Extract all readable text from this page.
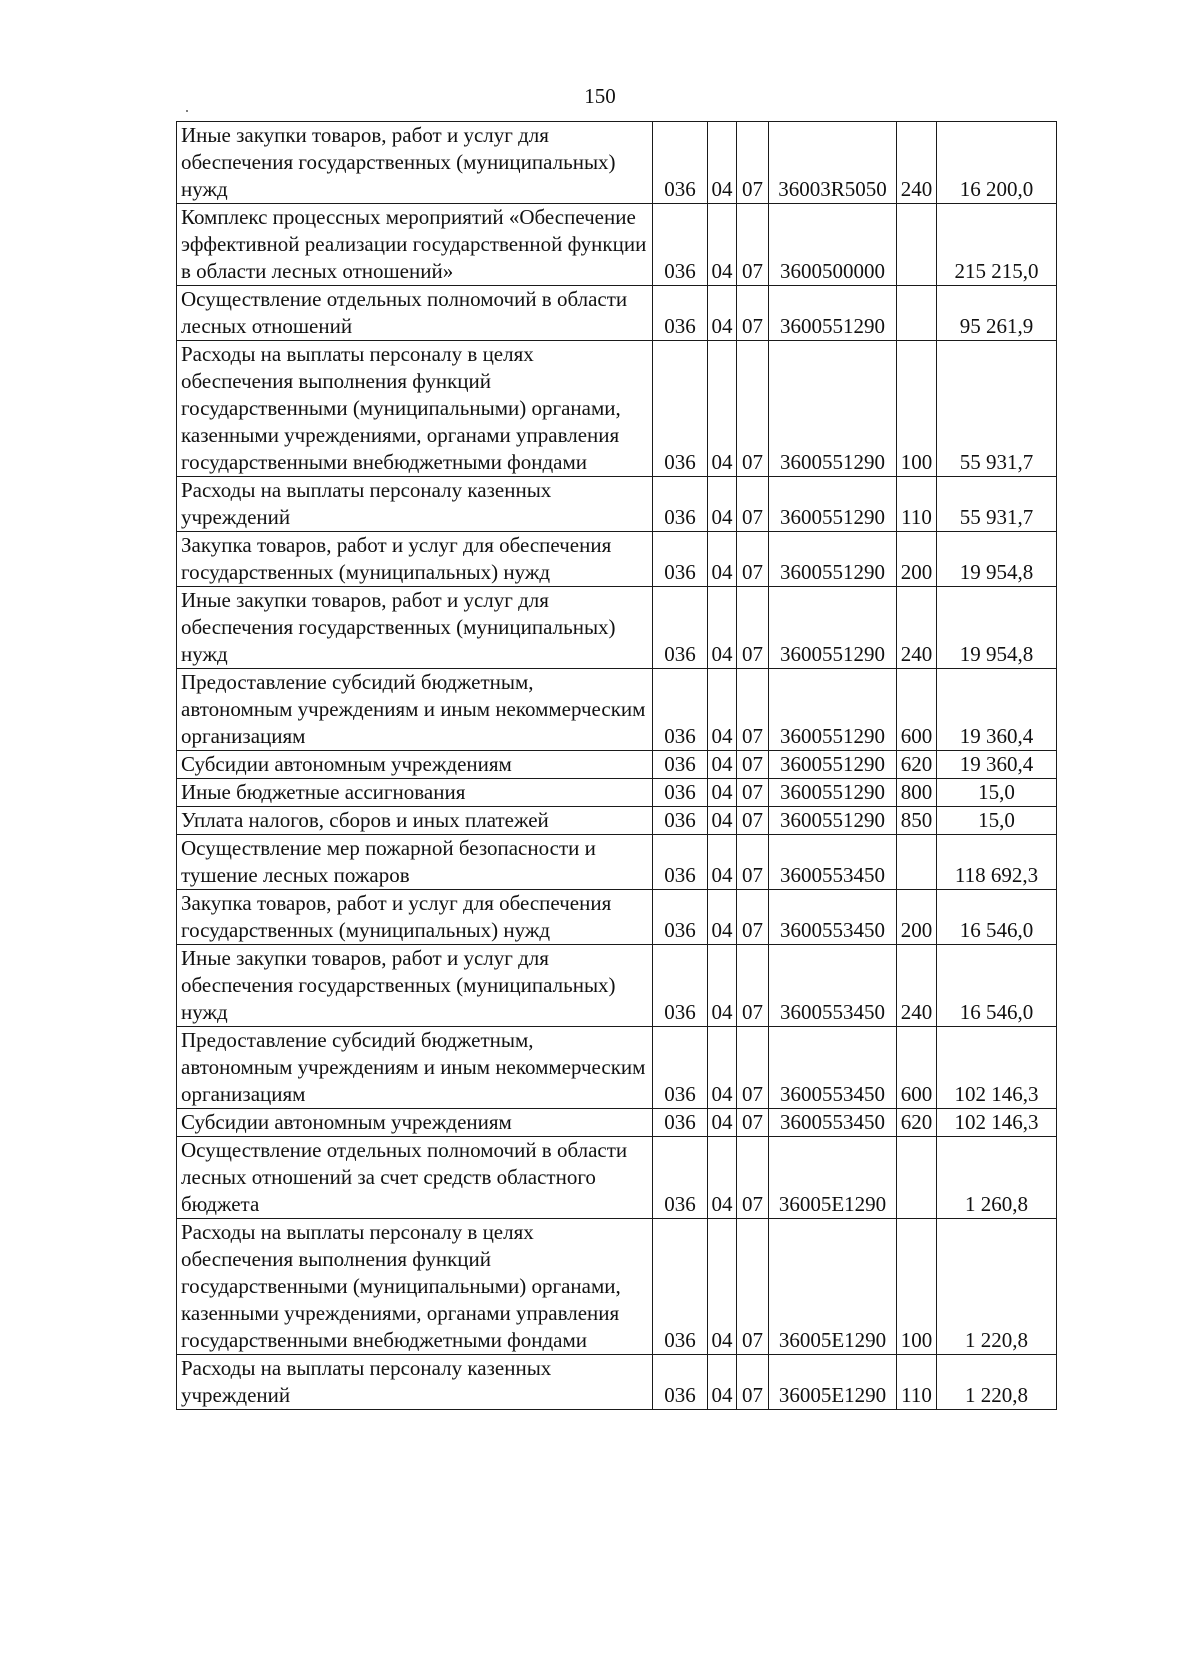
150
Иные закупки товаров, работ и услуг для обеспечения государственных (муниципальных) нужд	036	04	07	36003R5050	240	16 200,0
Комплекс процессных мероприятий «Обеспечение эффективной реализации государственной функции в области лесных отношений»	036	04	07	3600500000		215 215,0
Осуществление отдельных полномочий в области лесных отношений	036	04	07	3600551290		95 261,9
Расходы на выплаты персоналу в целях обеспечения выполнения функций государственными (муниципальными) органами, казенными учреждениями, органами управления государственными внебюджетными фондами	036	04	07	3600551290	100	55 931,7
Расходы на выплаты персоналу казенных учреждений	036	04	07	3600551290	110	55 931,7
Закупка товаров, работ и услуг для обеспечения государственных (муниципальных) нужд	036	04	07	3600551290	200	19 954,8
Иные закупки товаров, работ и услуг для обеспечения государственных (муниципальных) нужд	036	04	07	3600551290	240	19 954,8
Предоставление субсидий бюджетным, автономным учреждениям и иным некоммерческим организациям	036	04	07	3600551290	600	19 360,4
Субсидии автономным учреждениям	036	04	07	3600551290	620	19 360,4
Иные бюджетные ассигнования	036	04	07	3600551290	800	15,0
Уплата налогов, сборов и иных платежей	036	04	07	3600551290	850	15,0
Осуществление мер пожарной безопасности и тушение лесных пожаров	036	04	07	3600553450		118 692,3
Закупка товаров, работ и услуг для обеспечения государственных (муниципальных) нужд	036	04	07	3600553450	200	16 546,0
Иные закупки товаров, работ и услуг для обеспечения государственных (муниципальных) нужд	036	04	07	3600553450	240	16 546,0
Предоставление субсидий бюджетным, автономным учреждениям и иным некоммерческим организациям	036	04	07	3600553450	600	102 146,3
Субсидии автономным учреждениям	036	04	07	3600553450	620	102 146,3
Осуществление отдельных полномочий в области лесных отношений за счет средств областного бюджета	036	04	07	36005E1290		1 260,8
Расходы на выплаты персоналу в целях обеспечения выполнения функций государственными (муниципальными) органами, казенными учреждениями, органами управления государственными внебюджетными фондами	036	04	07	36005E1290	100	1 220,8
Расходы на выплаты персоналу казенных учреждений	036	04	07	36005E1290	110	1 220,8
